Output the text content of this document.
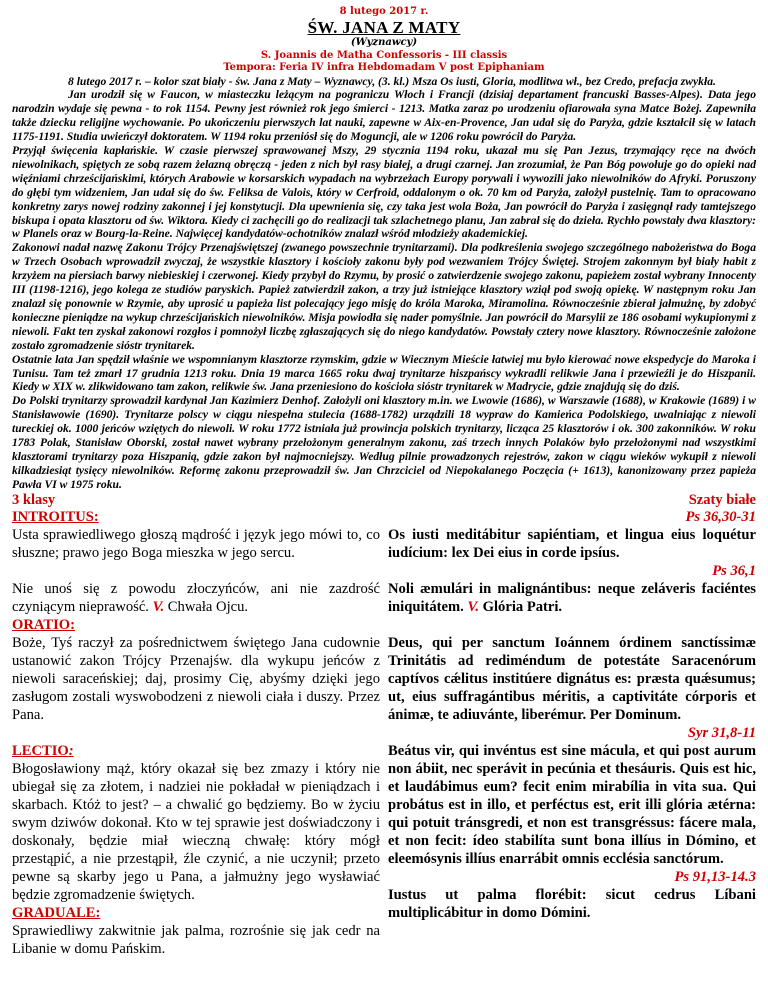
8 lutego 2017 r.
ŚW. JANA Z MATY
(Wyznawcy)
S. Joannis de Matha Confessoris - III classis
Tempora: Feria IV infra Hebdomadam V post Epiphaniam

8 lutego 2017 r. – kolor szat biały - św. Jana z Maty – Wyznawcy, (3. kl.) Msza Os iusti, Gloria, modlitwa wł., bez Credo, prefacja zwykła.

Jan urodził się w Faucon, w miasteczku leżącym na pograniczu Włoch i Francji (dzisiaj departament francuski Basses-Alpes). Data jego narodzin wydaje się pewna - to rok 1154. Pewny jest również rok jego śmierci - 1213. Matka zaraz po urodzeniu ofiarowała syna Matce Bożej. Zapewniła także dziecku religijne wychowanie. Po ukończeniu pierwszych lat nauki, zapewne w Aix-en-Provence, Jan udał się do Paryża, gdzie kształcił się w latach 1175-1191. Studia uwieńczył doktoratem. W 1194 roku przeniósł się do Moguncji, ale w 1206 roku powrócił do Paryża.

Przyjął święcenia kapłańskie. W czasie pierwszej sprawowanej Mszy, 29 stycznia 1194 roku, ukazał mu się Pan Jezus, trzymający ręce na dwóch niewolnikach, spiętych ze sobą razem żelazną obręczą - jeden z nich był rasy białej, a drugi czarnej. Jan zrozumiał, że Pan Bóg powołuje go do opieki nad więźniami chrześcijańskimi, których Arabowie w korsarskich wypadach na wybrzeżach Europy porywali i wywozili jako niewolników do Afryki. Poruszony do głębi tym widzeniem, Jan udał się do św. Feliksa de Valois, który w Cerfroid, oddalonym o ok. 70 km od Paryża, założył pustelnię. Tam to opracowano konkretny zarys nowej rodziny zakonnej i jej konstytucji. Dla upewnienia się, czy taka jest wola Boża, Jan powrócił do Paryża i zasięgnął rady tamtejszego biskupa i opata klasztoru od św. Wiktora. Kiedy ci zachęcili go do realizacji tak szlachetnego planu, Jan zabrał się do dzieła. Rychło powstały dwa klasztory: w Planels oraz w Bourg-la-Reine. Najwięcej kandydatów-ochotników znalazł wśród młodzieży akademickiej.

Zakonowi nadał nazwę Zakonu Trójcy Przenajświętszej (zwanego powszechnie trynitarzami). Dla podkreślenia swojego szczególnego nabożeństwa do Boga w Trzech Osobach wprowadził zwyczaj, że wszystkie klasztory i kościoły zakonu były pod wezwaniem Trójcy Świętej. Strojem zakonnym był biały habit z krzyżem na piersiach barwy niebieskiej i czerwonej. Kiedy przybył do Rzymu, by prosić o zatwierdzenie swojego zakonu, papieżem został wybrany Innocenty III (1198-1216), jego kolega ze studiów paryskich. Papież zatwierdził zakon, a trzy już istniejące klasztory wziął pod swoją opiekę. W następnym roku Jan znalazł się ponownie w Rzymie, aby uprosić u papieża list polecający jego misję do króla Maroka, Miramolina. Równocześnie zbierał jałmużnę, by zdobyć konieczne pieniądze na wykup chrześcijańskich niewolników. Misja powiodła się nader pomyślnie. Jan powrócił do Marsylii ze 186 osobami wykupionymi z niewoli. Fakt ten zyskał zakonowi rozgłos i pomnożył liczbę zgłaszających się do niego kandydatów. Powstały cztery nowe klasztory. Równocześnie założone zostało zgromadzenie sióstr trynitarek.

Ostatnie lata Jan spędził właśnie we wspomnianym klasztorze rzymskim, gdzie w Wiecznym Mieście łatwiej mu było kierować nowe ekspedycje do Maroka i Tunisu. Tam też zmarł 17 grudnia 1213 roku. Dnia 19 marca 1665 roku dwaj trynitarze hiszpańscy wykradli relikwie Jana i przewieźli je do Hiszpanii. Kiedy w XIX w. zlikwidowano tam zakon, relikwie św. Jana przeniesiono do kościoła sióstr trynitarek w Madrycie, gdzie znajdują się do dziś.

Do Polski trynitarzy sprowadził kardynał Jan Kazimierz Denhof. Założyli oni klasztory m.in. we Lwowie (1686), w Warszawie (1688), w Krakowie (1689) i w Stanisławowie (1690). Trynitarze polscy w ciągu niespełna stulecia (1688-1782) urządzili 18 wypraw do Kamieńca Podolskiego, uwalniając z niewoli tureckiej ok. 1000 jeńców wziętych do niewoli. W roku 1772 istniała już prowincja polskich trynitarzy, licząca 25 klasztorów i ok. 300 zakonników. W roku 1783 Polak, Stanisław Oborski, został nawet wybrany przełożonym generalnym zakonu, zaś trzech innych Polaków było przełożonymi nad wszystkimi klasztorami trynitarzy poza Hiszpanią, gdzie zakon był najmocniejszy. Według pilnie prowadzonych rejestrów, zakon w ciągu wieków wykupił z niewoli kilkadziesiąt tysięcy niewolników. Reformę zakonu przeprowadził św. Jan Chrzciciel od Niepokalanego Poczęcia (+ 1613), kanonizowany przez papieża Pawła VI w 1975 roku.

3 klasy	Szaty białe
INTROITUS:
Usta sprawiedliwego głoszą mądrość i język jego mówi to, co słuszne; prawo jego Boga mieszka w jego sercu.
Nie unoś się z powodu złoczyńców, ani nie zazdrość czyniącym nieprawość. V. Chwała Ojcu.
Ps 36,30-31
Os iusti meditábitur sapiéntiam, et lingua eius loquétur iudícium: lex Dei eius in corde ipsíus.
Ps 36,1
Noli æmulári in malignántibus: neque zeláveris faciéntes iniquitátem. V. Glória Patri.
ORATIO:
Boże, Tyś raczył za pośrednictwem świętego Jana cudownie ustanowić zakon Trójcy Przenajśw. dla wykupu jeńców z niewoli saraceńskiej; daj, prosimy Cię, abyśmy dzięki jego zasługom zostali wyswobodzeni z niewoli ciała i duszy. Przez Pana.
Deus, qui per sanctum Ioánnem órdinem sanctíssimæ Trinitátis ad rediméndum de potestáte Saracenórum captívos cǽlitus institúere dignátus es: præsta quǽsumus; ut, eius suffragántibus méritis, a captivitáte córporis et ánimæ, te adiuvánte, liberémur. Per Dominum.
LECTIO:
Błogosławiony mąż, który okazał się bez zmazy i który nie ubiegał się za złotem, i nadziei nie pokładał w pieniądzach i skarbach. Któż to jest? – a chwalić go będziemy. Bo w życiu swym dziwów dokonał. Kto w tej sprawie jest doświadczony i doskonały, będzie miał wieczną chwałę: który mógł przestąpić, a nie przestąpił, źle czynić, a nie uczynił; przeto pewne są skarby jego u Pana, a jałmużny jego wysławiać będzie zgromadzenie świętych.
GRADUALE:
Sprawiedliwy zakwitnie jak palma, rozrośnie się jak cedr na Libanie w domu Pańskim.
Syr 31,8-11
Beátus vir, qui invéntus est sine mácula, et qui post aurum non ábiit, nec sperávit in pecúnia et thesáuris. Quis est hic, et laudábimus eum? fecit enim mirabília in vita sua. Qui probátus est in illo, et perféctus est, erit illi glória ætérna: qui potuit tránsgredi, et non est transgréssus: fácere mala, et non fecit: ídeo stabilíta sunt bona illíus in Dómino, et eleemósynis illíus enarrábit omnis ecclésia sanctórum.
Ps 91,13-14.3
Iustus ut palma florébit: sicut cedrus Líbani multiplicábitur in domo Dómini.
